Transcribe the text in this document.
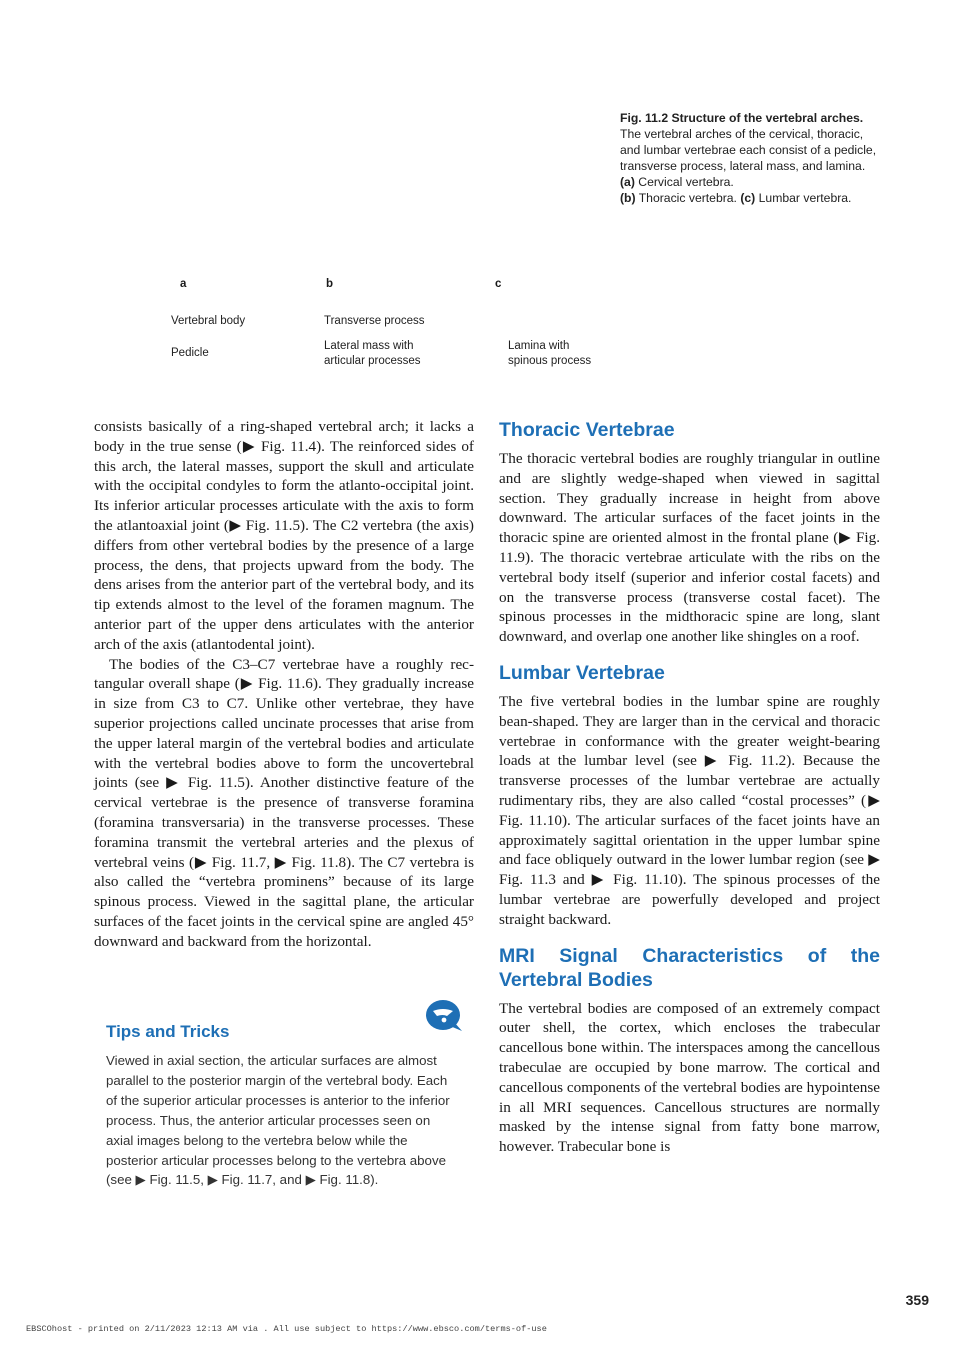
Fig. 11.2 Structure of the vertebral arches.
The vertebral arches of the cervical, thoracic, and lumbar vertebrae each consist of a pedicle, transverse process, lateral mass, and lamina. (a) Cervical vertebra.
(b) Thoracic vertebra. (c) Lumbar vertebra.
a	b	c
Vertebral body
Pedicle
Transverse process
Lateral mass with
articular processes
Lamina with
spinous process

consists basically of a ring-shaped vertebral arch; it lacks a body in the true sense (▶ Fig. 11.4). The reinforced sides of this arch, the lateral masses, support the skull and articulate with the occipital condyles to form the atlanto-occipital joint. Its inferior articular processes articulate with the axis to form the atlantoaxial joint (▶ Fig. 11.5). The C2 vertebra (the axis) differs from other vertebral bodies by the presence of a large process, the dens, that projects upward from the body. The dens arises from the anterior part of the vertebral body, and its tip extends almost to the level of the foramen magnum. The anterior part of the upper dens articulates with the anterior arch of the axis (atlantodental joint).

The bodies of the C3–C7 vertebrae have a roughly rectangular overall shape (▶ Fig. 11.6). They gradually increase in size from C3 to C7. Unlike other vertebrae, they have superior projections called uncinate processes that arise from the upper lateral margin of the vertebral bodies and articulate with the vertebral bodies above to form the uncovertebral joints (see ▶ Fig. 11.5). Another distinctive feature of the cervical vertebrae is the presence of transverse foramina (foramina transversaria) in the transverse processes. These foramina transmit the vertebral arteries and the plexus of vertebral veins (▶ Fig. 11.7, ▶ Fig. 11.8). The C7 vertebra is also called the “vertebra prominens” because of its large spinous process. Viewed in the sagittal plane, the articular surfaces of the facet joints in the cervical spine are angled 45° downward and backward from the horizontal.

Tips and Tricks
Viewed in axial section, the articular surfaces are almost parallel to the posterior margin of the vertebral body. Each of the superior articular processes is anterior to the inferior process. Thus, the anterior articular processes seen on axial images belong to the vertebra below while the posterior articular processes belong to the vertebra above (see ▶ Fig. 11.5, ▶ Fig. 11.7, and ▶ Fig. 11.8).
Thoracic Vertebrae

The thoracic vertebral bodies are roughly triangular in outline and are slightly wedge-shaped when viewed in sagittal section. They gradually increase in height from above downward. The articular surfaces of the facet joints in the thoracic spine are oriented almost in the frontal plane (▶ Fig. 11.9). The thoracic vertebrae articulate with the ribs on the vertebral body itself (superior and inferior costal facets) and on the transverse process (transverse costal facet). The spinous processes in the midthoracic spine are long, slant downward, and overlap one another like shingles on a roof.

Lumbar Vertebrae

The five vertebral bodies in the lumbar spine are roughly bean-shaped. They are larger than in the cervical and thoracic vertebrae in conformance with the greater weight-bearing loads at the lumbar level (see ▶ Fig. 11.2). Because the transverse processes of the lumbar vertebrae are actually rudimentary ribs, they are also called “costal processes” (▶ Fig. 11.10). The articular surfaces of the facet joints have an approximately sagittal orientation in the upper lumbar spine and face obliquely outward in the lower lumbar region (see ▶ Fig. 11.3 and ▶ Fig. 11.10). The spinous processes of the lumbar vertebrae are powerfully developed and project straight backward.

MRI Signal Characteristics of the Vertebral Bodies

The vertebral bodies are composed of an extremely compact outer shell, the cortex, which encloses the trabecular cancellous bone within. The interspaces among the cancellous trabeculae are occupied by bone marrow. The cortical and cancellous components of the vertebral bodies are hypointense in all MRI sequences. Cancellous structures are normally masked by the intense signal from fatty bone marrow, however. Trabecular bone is

359
EBSCOhost - printed on 2/11/2023 12:13 AM via . All use subject to https://www.ebsco.com/terms-of-use
